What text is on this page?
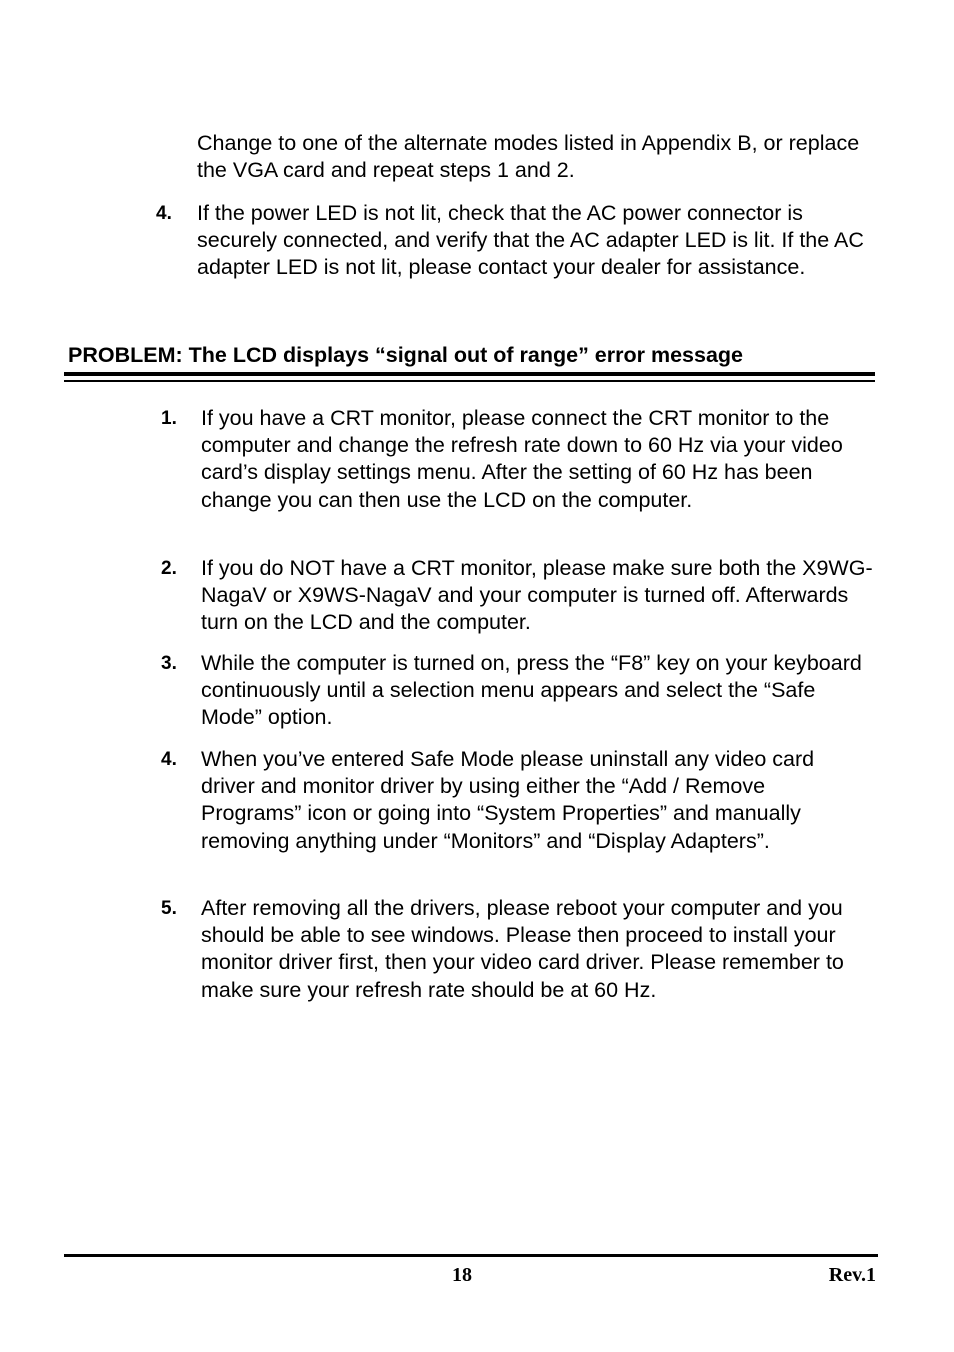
Change to one of the alternate modes listed in Appendix B, or replace the VGA card and repeat steps 1 and 2.
4. If the power LED is not lit, check that the AC power connector is securely connected, and verify that the AC adapter LED is lit. If the AC adapter LED is not lit, please contact your dealer for assistance.
PROBLEM: The LCD displays “signal out of range” error message
1. If you have a CRT monitor, please connect the CRT monitor to the computer and change the refresh rate down to 60 Hz via your video card’s display settings menu. After the setting of 60 Hz has been change you can then use the LCD on the computer.
2. If you do NOT have a CRT monitor, please make sure both the X9WG-NagaV or X9WS-NagaV and your computer is turned off. Afterwards turn on the LCD and the computer.
3. While the computer is turned on, press the “F8” key on your keyboard continuously until a selection menu appears and select the “Safe Mode” option.
4. When you’ve entered Safe Mode please uninstall any video card driver and monitor driver by using either the “Add / Remove Programs” icon or going into “System Properties” and manually removing anything under “Monitors” and “Display Adapters”.
5. After removing all the drivers, please reboot your computer and you should be able to see windows. Please then proceed to install your monitor driver first, then your video card driver. Please remember to make sure your refresh rate should be at 60 Hz.
18	Rev.1
